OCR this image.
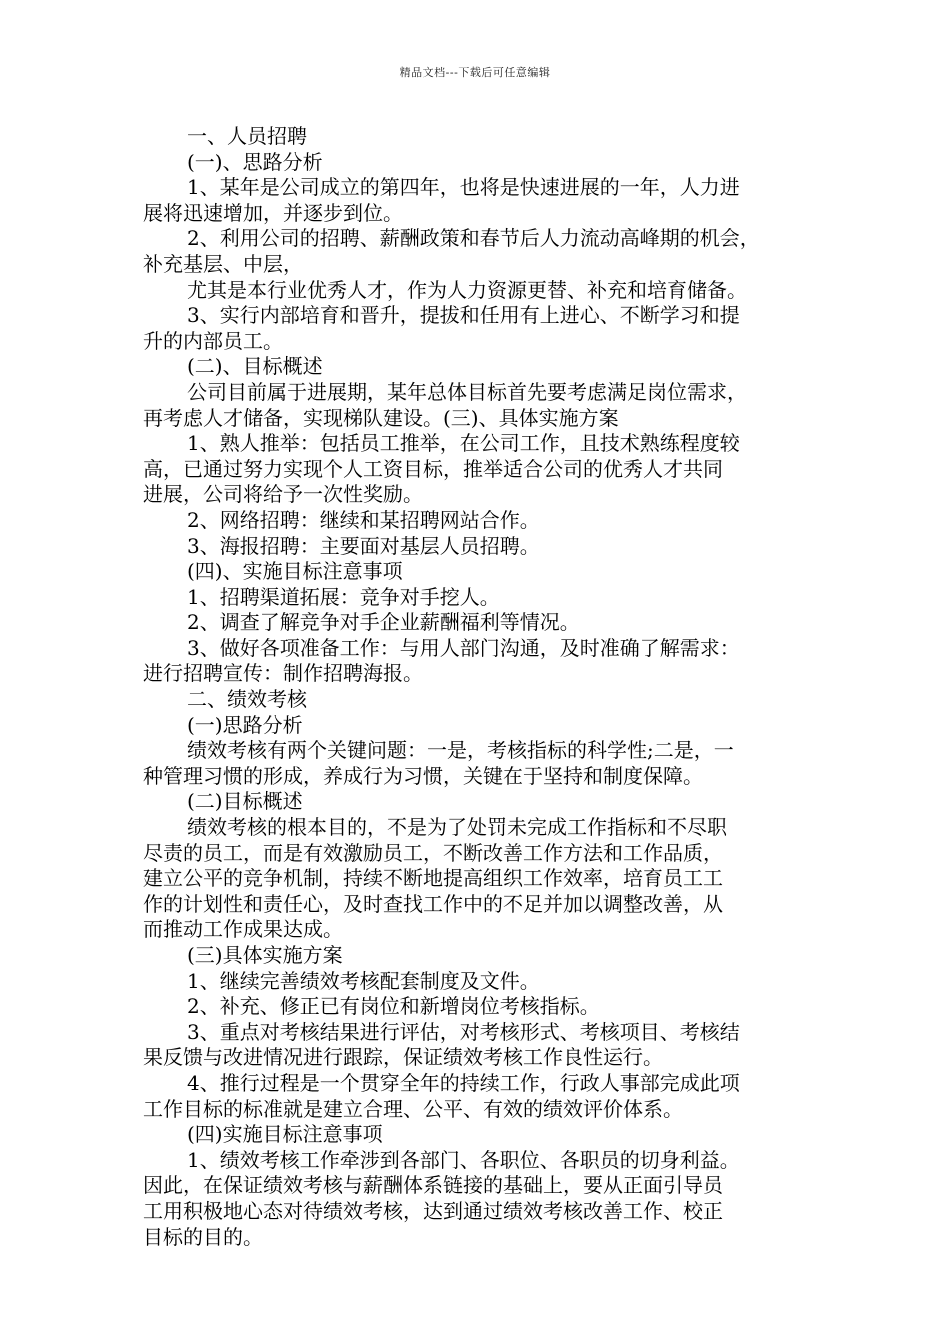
精品文档---下载后可任意编辑
一、人员招聘
(一)、思路分析
1、某年是公司成立的第四年，也将是快速进展的一年，人力进
展将迅速增加，并逐步到位。
2、利用公司的招聘、薪酬政策和春节后人力流动高峰期的机会，
补充基层、中层，
尤其是本行业优秀人才，作为人力资源更替、补充和培育储备。
3、实行内部培育和晋升，提拔和任用有上进心、不断学习和提
升的内部员工。
(二)、目标概述
公司目前属于进展期，某年总体目标首先要考虑满足岗位需求，
再考虑人才储备，实现梯队建设。(三)、具体实施方案
1、熟人推举：包括员工推举，在公司工作，且技术熟练程度较
高，已通过努力实现个人工资目标，推举适合公司的优秀人才共同
进展，公司将给予一次性奖励。
2、网络招聘：继续和某招聘网站合作。
3、海报招聘：主要面对基层人员招聘。
(四)、实施目标注意事项
1、招聘渠道拓展：竞争对手挖人。
2、调查了解竞争对手企业薪酬福利等情况。
3、做好各项准备工作：与用人部门沟通，及时准确了解需求：
进行招聘宣传：制作招聘海报。
二、绩效考核
(一)思路分析
绩效考核有两个关键问题：一是，考核指标的科学性;二是，一
种管理习惯的形成，养成行为习惯，关键在于坚持和制度保障。
(二)目标概述
绩效考核的根本目的，不是为了处罚未完成工作指标和不尽职
尽责的员工，而是有效激励员工，不断改善工作方法和工作品质，
建立公平的竞争机制，持续不断地提高组织工作效率，培育员工工
作的计划性和责任心，及时查找工作中的不足并加以调整改善，从
而推动工作成果达成。
(三)具体实施方案
1、继续完善绩效考核配套制度及文件。
2、补充、修正已有岗位和新增岗位考核指标。
3、重点对考核结果进行评估，对考核形式、考核项目、考核结
果反馈与改进情况进行跟踪，保证绩效考核工作良性运行。
4、推行过程是一个贯穿全年的持续工作，行政人事部完成此项
工作目标的标准就是建立合理、公平、有效的绩效评价体系。
(四)实施目标注意事项
1、绩效考核工作牵涉到各部门、各职位、各职员的切身利益。
因此，在保证绩效考核与薪酬体系链接的基础上，要从正面引导员
工用积极地心态对待绩效考核，达到通过绩效考核改善工作、校正
目标的目的。
